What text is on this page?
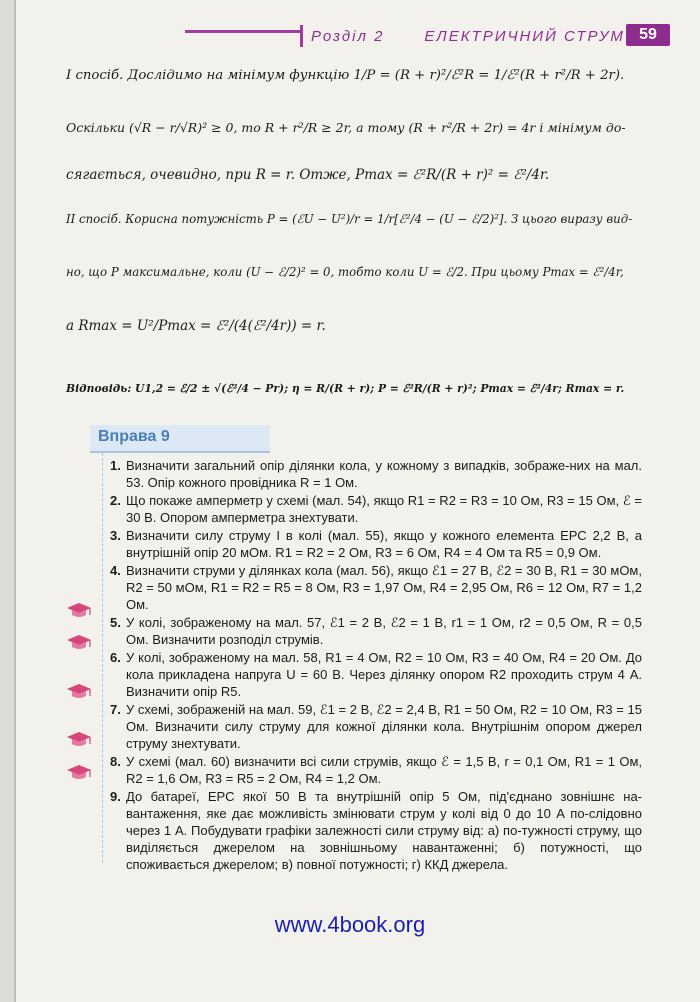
Розділ 2	ЕЛЕКТРИЧНИЙ СТРУМ 59
I спосіб. Дослідимо на мінімум функцію 1/P = (R + r)²/ℰ²R = 1/ℰ²(R + r²/R + 2r).
Оскільки (√R − r/√R)² ≥ 0, то R + r²/R ≥ 2r, а тому (R + r²/R + 2r) = 4r і мінімум до-
сягається, очевидно, при R = r. Отже, Pmax = ℰ²R/(R + r)² = ℰ²/4r.
II спосіб. Корисна потужність P = (ℰU − U²)/r = 1/r[ℰ²/4 − (U − ℰ/2)²]. З цього виразу вид-
но, що P максимальне, коли (U − ℰ/2)² = 0, тобто коли U = ℰ/2. При цьому Pmax = ℰ²/4r,
а Rmax = U²/Pmax = ℰ²/(4(ℰ²/4r)) = r.
Відповідь: U1,2 = ℰ/2 ± √(ℰ²/4 − Pr); η = R/(R + r); P = ℰ²R/(R + r)²; Pmax = ℰ²/4r; Rmax = r.
Вправа 9
1. Визначити загальний опір ділянки кола, у кожному з випадків, зображе-них на мал. 53. Опір кожного провідника R = 1 Ом.
2. Що покаже амперметр у схемі (мал. 54), якщо R1 = R2 = R3 = 10 Ом, R3 = 15 Ом, ℰ = 30 В. Опором амперметра знехтувати.
3. Визначити силу струму I в колі (мал. 55), якщо у кожного елемента ЕРС 2,2 В, а внутрішній опір 20 мОм. R1 = R2 = 2 Ом, R3 = 6 Ом, R4 = 4 Ом та R5 = 0,9 Ом.
4. Визначити струми у ділянках кола (мал. 56), якщо ℰ1 = 27 В, ℰ2 = 30 В, R1 = 30 мОм, R2 = 50 мОм, R1 = R2 = R5 = 8 Ом, R3 = 1,97 Ом, R4 = 2,95 Ом, R6 = 12 Ом, R7 = 1,2 Ом.
5. У колі, зображеному на мал. 57, ℰ1 = 2 В, ℰ2 = 1 В, r1 = 1 Ом, r2 = 0,5 Ом, R = 0,5 Ом. Визначити розподіл струмів.
6. У колі, зображеному на мал. 58, R1 = 4 Ом, R2 = 10 Ом, R3 = 40 Ом, R4 = 20 Ом. До кола прикладена напруга U = 60 В. Через ділянку опором R2 проходить струм 4 А. Визначити опір R5.
7. У схемі, зображеній на мал. 59, ℰ1 = 2 В, ℰ2 = 2,4 В, R1 = 50 Ом, R2 = 10 Ом, R3 = 15 Ом. Визначити силу струму для кожної ділянки кола. Внутрішнім опором джерел струму знехтувати.
8. У схемі (мал. 60) визначити всі сили струмів, якщо ℰ = 1,5 В, r = 0,1 Ом, R1 = 1 Ом, R2 = 1,6 Ом, R3 = R5 = 2 Ом, R4 = 1,2 Ом.
9. До батареї, ЕРС якої 50 В та внутрішній опір 5 Ом, під'єднано зовнішнє на-вантаження, яке дає можливість змінювати струм у колі від 0 до 10 А по-слідовно через 1 А. Побудувати графіки залежності сили струму від: а) по-тужності струму, що виділяється джерелом на зовнішньому навантаженні; б) потужності, що споживається джерелом; в) повної потужності; г) ККД джерела.
www.4book.org
